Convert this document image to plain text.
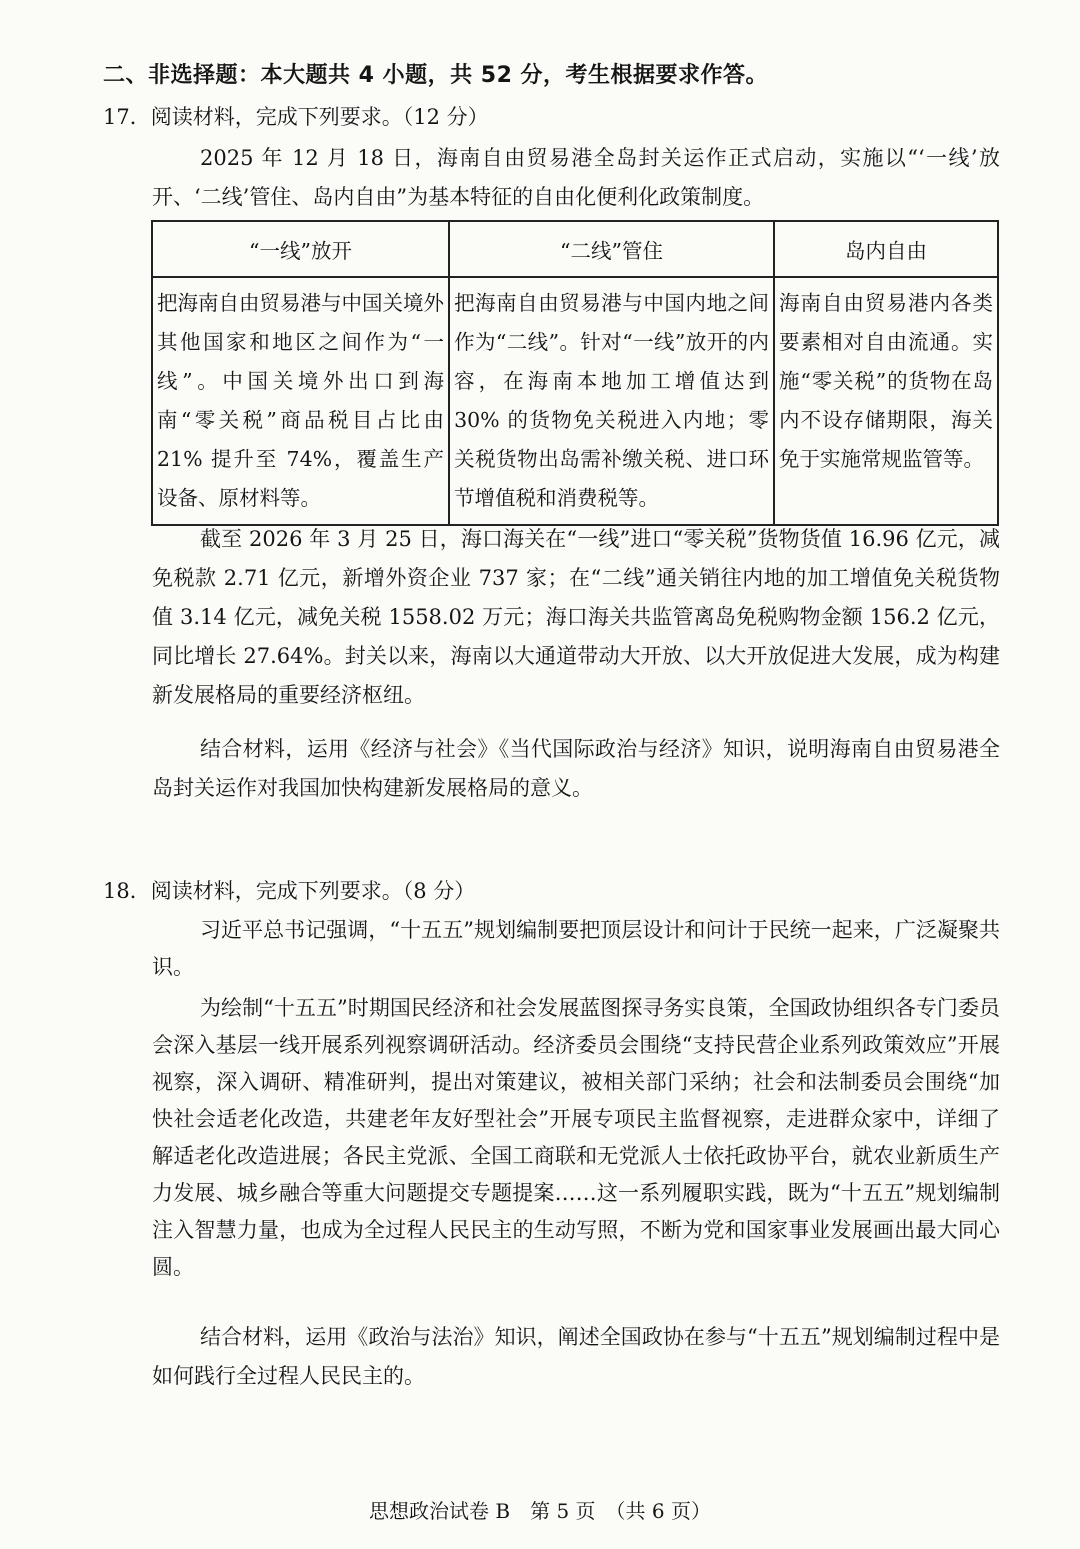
二、非选择题：本大题共 4 小题，共 52 分，考生根据要求作答。
17．阅读材料，完成下列要求。（12 分）

2025 年 12 月 18 日，海南自由贸易港全岛封关运作正式启动，实施以“‘一线’放开、‘二线’管住、岛内自由”为基本特征的自由化便利化政策制度。

“一线”放开	“二线”管住	岛内自由
把海南自由贸易港与中国关境外其他国家和地区之间作为“一线”。中国关境外出口到海南“零关税”商品税目占比由 21% 提升至 74%，覆盖生产设备、原材料等。	把海南自由贸易港与中国内地之间作为“二线”。针对“一线”放开的内容，在海南本地加工增值达到 30% 的货物免关税进入内地；零关税货物出岛需补缴关税、进口环节增值税和消费税等。	海南自由贸易港内各类要素相对自由流通。实施“零关税”的货物在岛内不设存储期限，海关免于实施常规监管等。

截至 2026 年 3 月 25 日，海口海关在“一线”进口“零关税”货物货值 16.96 亿元，减免税款 2.71 亿元，新增外资企业 737 家；在“二线”通关销往内地的加工增值免关税货物值 3.14 亿元，减免关税 1558.02 万元；海口海关共监管离岛免税购物金额 156.2 亿元，同比增长 27.64%。封关以来，海南以大通道带动大开放、以大开放促进大发展，成为构建新发展格局的重要经济枢纽。

结合材料，运用《经济与社会》《当代国际政治与经济》知识，说明海南自由贸易港全岛封关运作对我国加快构建新发展格局的意义。

18．阅读材料，完成下列要求。（8 分）

习近平总书记强调，“十五五”规划编制要把顶层设计和问计于民统一起来，广泛凝聚共识。

为绘制“十五五”时期国民经济和社会发展蓝图探寻务实良策，全国政协组织各专门委员会深入基层一线开展系列视察调研活动。经济委员会围绕“支持民营企业系列政策效应”开展视察，深入调研、精准研判，提出对策建议，被相关部门采纳；社会和法制委员会围绕“加快社会适老化改造，共建老年友好型社会”开展专项民主监督视察，走进群众家中，详细了解适老化改造进展；各民主党派、全国工商联和无党派人士依托政协平台，就农业新质生产力发展、城乡融合等重大问题提交专题提案……这一系列履职实践，既为“十五五”规划编制注入智慧力量，也成为全过程人民民主的生动写照，不断为党和国家事业发展画出最大同心圆。

结合材料，运用《政治与法治》知识，阐述全国政协在参与“十五五”规划编制过程中是如何践行全过程人民民主的。

思想政治试卷 B　第 5 页　（共 6 页）
